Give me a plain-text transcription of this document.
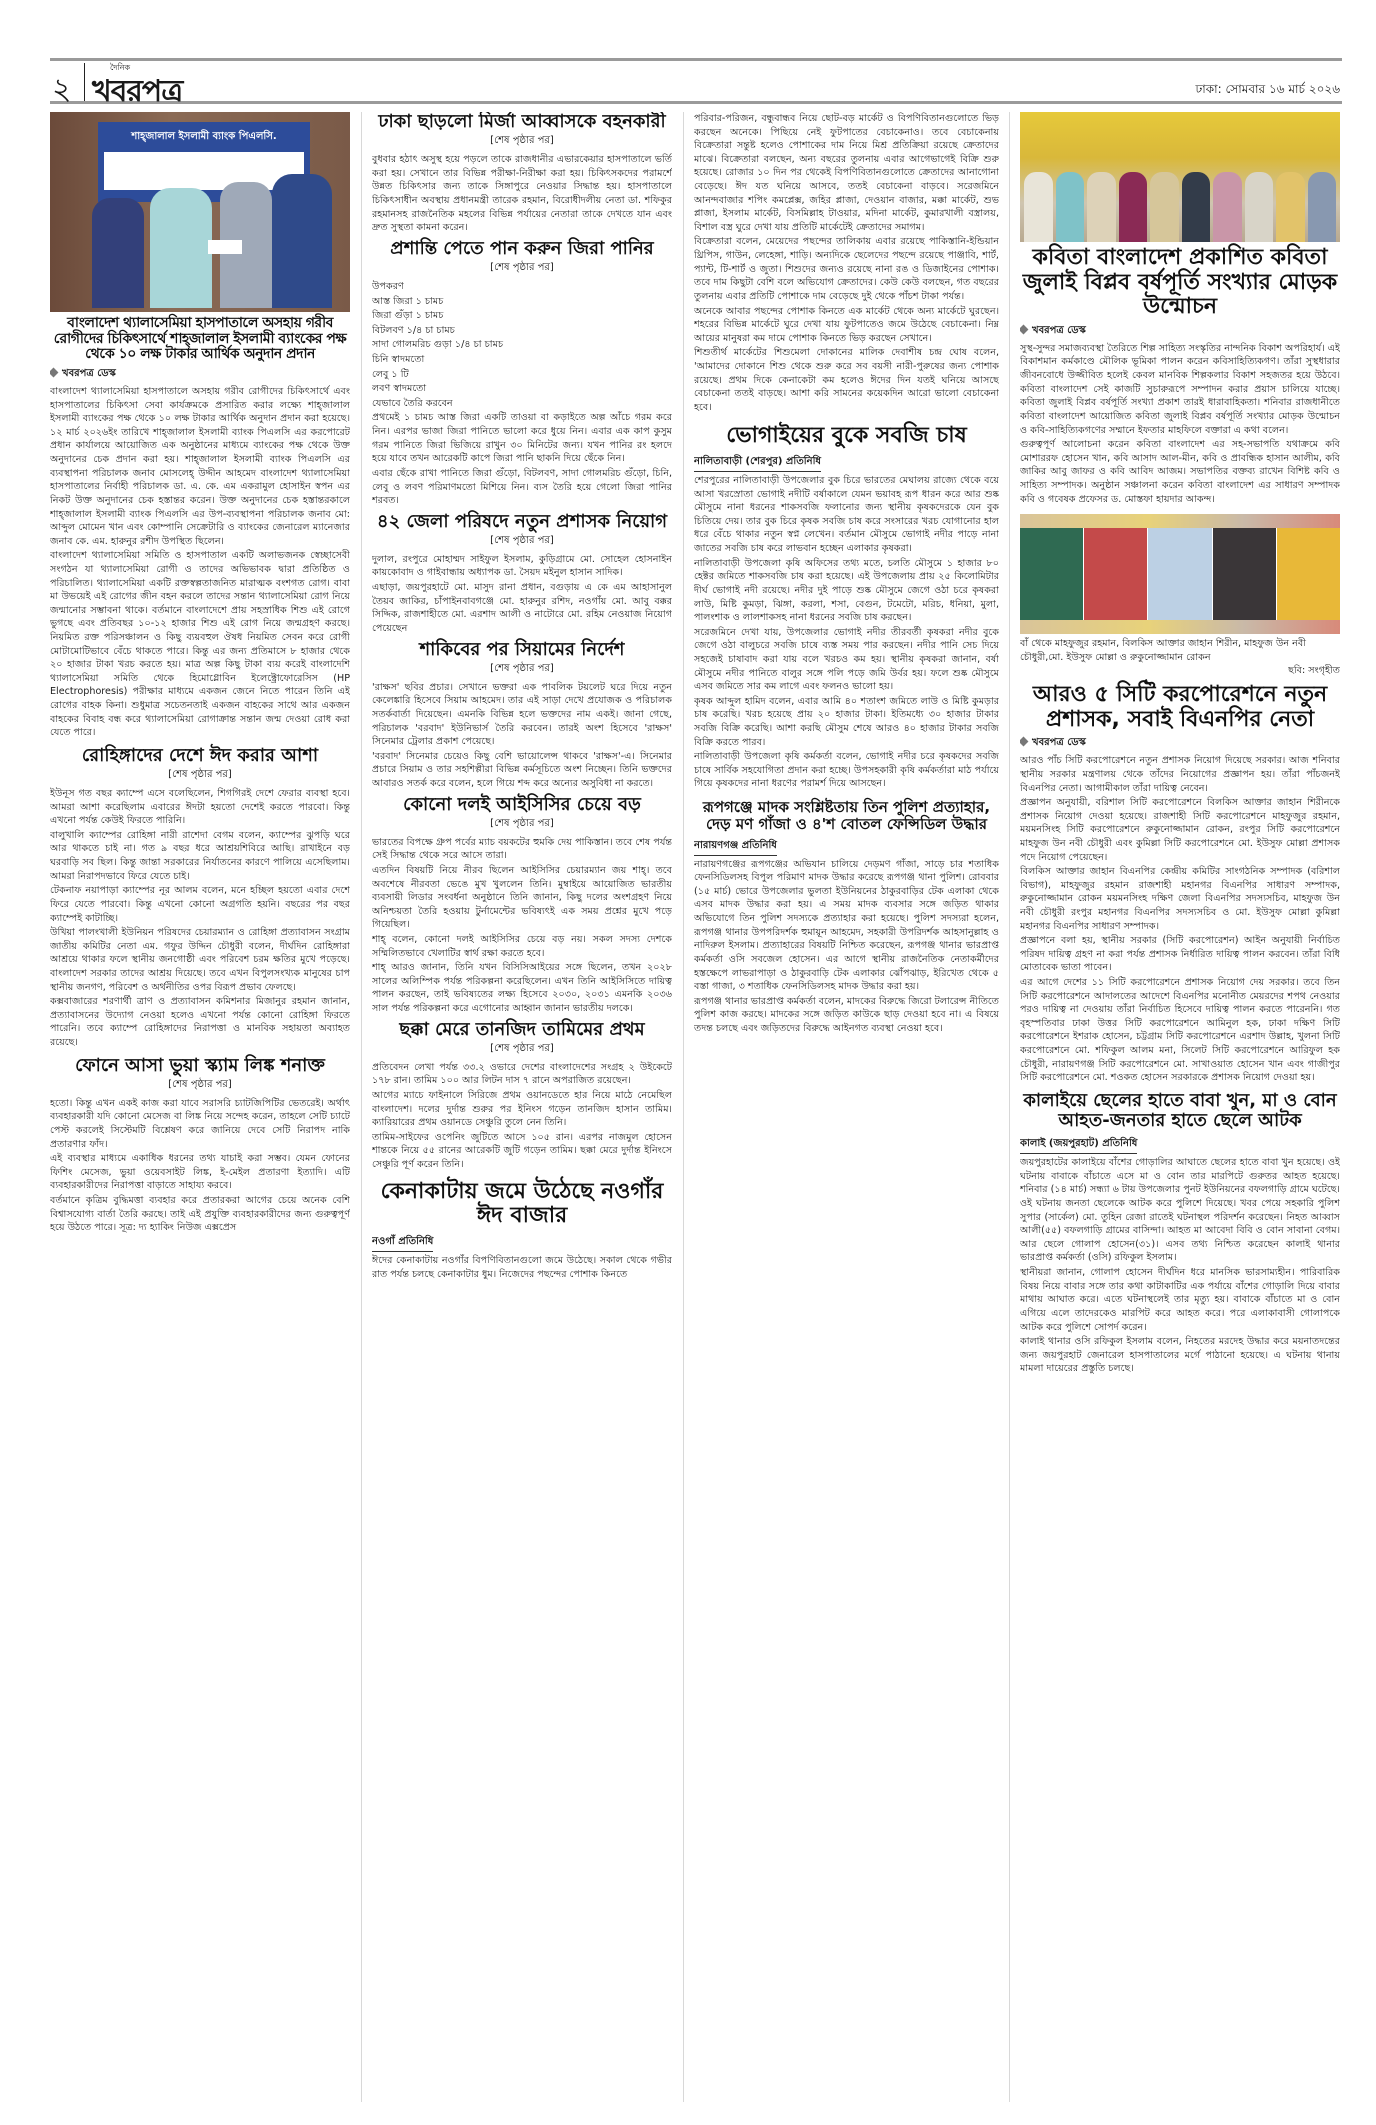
২
দৈনিক
খবরপত্র	ঢাকা: সোমবার ১৬ মার্চ ২০২৬
শাহ্জালাল ইসলামী ব্যাংক পিএলসি.
বাংলাদেশ থ্যালাসেমিয়া হাসপাতালে অসহায় গরীব রোগীদের চিকিৎসার্থে শাহ্জালাল ইসলামী ব্যাংকের পক্ষ থেকে ১০ লক্ষ টাকার আর্থিক অনুদান প্রদান
খবরপত্র ডেস্ক

বাংলাদেশ থ্যালাসেমিয়া হাসপাতালে অসহায় গরীব রোগীদের চিকিৎসার্থে এবং হাসপাতালের চিকিৎসা সেবা কার্যক্রমকে প্রসারিত করার লক্ষ্যে শাহ্জালাল ইসলামী ব্যাংকের পক্ষ থেকে ১০ লক্ষ টাকার আর্থিক অনুদান প্রদান করা হয়েছে। ১২ মার্চ ২০২৬ইং তারিখে শাহ্জালাল ইসলামী ব্যাংক পিএলসি এর করপোরেট প্রধান কার্যালয়ে আয়োজিত এক অনুষ্ঠানের মাধ্যমে ব্যাংকের পক্ষ থেকে উক্ত অনুদানের চেক প্রদান করা হয়। শাহ্জালাল ইসলামী ব্যাংক পিএলসি এর ব্যবস্থাপনা পরিচালক জনাব মোসলেহ্ উদ্দীন আহমেদ বাংলাদেশ থ্যালাসেমিয়া হাসপাতালের নির্বাহী পরিচালক ডা. এ. কে. এম একরামুল হোসাইন স্বপন এর নিকট উক্ত অনুদানের চেক হস্তান্তর করেন। উক্ত অনুদানের চেক হস্তান্তরকালে শাহ্জালাল ইসলামী ব্যাংক পিএলসি এর উপ-ব্যবস্থাপনা পরিচালক জনাব মো: আব্দুল মোমেন খান এবং কোম্পানি সেক্রেটারি ও ব্যাংকের জেনারেল ম্যানেজার জনাব কে. এম. হারুনুর রশীদ উপস্থিত ছিলেন।

বাংলাদেশ থ্যালাসেমিয়া সমিতি ও হাসপাতাল একটি অলাভজনক স্বেচ্ছাসেবী সংগঠন যা থ্যালাসেমিয়া রোগী ও তাদের অভিভাবক দ্বারা প্রতিষ্ঠিত ও পরিচালিত। থ্যালাসেমিয়া একটি রক্তস্বল্পতাজনিত মারাত্মক বংশগত রোগ। বাবা মা উভয়েই এই রোগের জীন বহন করলে তাদের সন্তান থ্যালাসেমিয়া রোগ নিয়ে জন্মানোর সম্ভাবনা থাকে। বর্তমানে বাংলাদেশে প্রায় সহস্রাধিক শিশু এই রোগে ভুগছে এবং প্রতিবছর ১০-১২ হাজার শিশু এই রোগ নিয়ে জন্মগ্রহণ করছে। নিয়মিত রক্ত পরিসঞ্চালন ও কিছু ব্যয়বহুল ঔষধ নিয়মিত সেবন করে রোগী মোটামোটিভাবে বেঁচে থাকতে পারে। কিন্তু এর জন্য প্রতিমাসে ৮ হাজার থেকে ২০ হাজার টাকা খরচ করতে হয়। মাত্র অল্প কিছু টাকা ব্যয় করেই বাংলাদেশি থ্যালাসেমিয়া সমিতি থেকে হিমোগ্লোবিন ইলেক্ট্রোফোরেসিস (HP Electrophoresis) পরীক্ষার মাধ্যমে একজন জেনে নিতে পারেন তিনি এই রোগের বাহক কিনা। শুধুমাত্র সচেতনতাই একজন বাহকের সাথে আর একজন বাহকের বিবাহ বন্ধ করে থ্যালাসেমিয়া রোগাক্রান্ত সন্তান জন্ম দেওয়া রোধ করা যেতে পারে।

রোহিঙ্গাদের দেশে ঈদ করার আশা
[শেষ পৃষ্ঠার পর]

ইউনূস গত বছর ক্যাম্পে এসে বলেছিলেন, শিগগিরই দেশে ফেরার ব্যবস্থা হবে। আমরা আশা করেছিলাম এবারের ঈদটা হয়তো দেশেই করতে পারবো। কিন্তু এখনো পর্যন্ত কেউই ফিরতে পারিনি।

বালুখালি ক্যাম্পের রোহিঙ্গা নারী রাশেদা বেগম বলেন, ক্যাম্পের ঝুপড়ি ঘরে আর থাকতে চাই না। গত ৯ বছর ধরে আশ্রয়শিবিরে আছি। রাখাইনে বড় ঘরবাড়ি সব ছিল। কিন্তু জান্তা সরকারের নির্যাতনের কারণে পালিয়ে এসেছিলাম। আমরা নিরাপদভাবে ফিরে যেতে চাই।

টেকনাফ নয়াপাড়া ক্যাম্পের নূর আলম বলেন, মনে হচ্ছিল হয়তো এবার দেশে ফিরে যেতে পারবো। কিন্তু এখনো কোনো অগ্রগতি হয়নি। বছরের পর বছর ক্যাম্পেই কাটাচ্ছি।

উখিয়া পালংখালী ইউনিয়ন পরিষদের চেয়ারম্যান ও রোহিঙ্গা প্রত্যাবাসন সংগ্রাম জাতীয় কমিটির নেতা এম. গফুর উদ্দিন চৌধুরী বলেন, দীর্ঘদিন রোহিঙ্গারা আশ্রয়ে থাকার ফলে স্থানীয় জনগোষ্ঠী এবং পরিবেশ চরম ক্ষতির মুখে পড়েছে। বাংলাদেশ সরকার তাদের আশ্রয় দিয়েছে। তবে এখন বিপুলসংখ্যক মানুষের চাপ স্থানীয় জনগণ, পরিবেশ ও অর্থনীতির ওপর বিরূপ প্রভাব ফেলছে।

কক্সবাজারের শরণার্থী ত্রাণ ও প্রত্যাবাসন কমিশনার মিজানুর রহমান জানান, প্রত্যাবাসনের উদ্যোগ নেওয়া হলেও এখনো পর্যন্ত কোনো রোহিঙ্গা ফিরতে পারেনি। তবে ক্যাম্পে রোহিঙ্গাদের নিরাপত্তা ও মানবিক সহায়তা অব্যাহত রয়েছে।

ফোনে আসা ভুয়া স্ক্যাম লিঙ্ক শনাক্ত
[শেষ পৃষ্ঠার পর]

হতো। কিন্তু এখন একই কাজ করা যাবে সরাসরি চ্যাটজিপিটির ভেতরেই। অর্থাৎ ব্যবহারকারী যদি কোনো মেসেজ বা লিঙ্ক নিয়ে সন্দেহ করেন, তাহলে সেটি চ্যাটে পেস্ট করলেই সিস্টেমটি বিশ্লেষণ করে জানিয়ে দেবে সেটি নিরাপদ নাকি প্রতারণার ফাঁদ।

এই ব্যবস্থার মাধ্যমে একাধিক ধরনের তথ্য যাচাই করা সম্ভব। যেমন ফোনের ফিশিং মেসেজ, ভুয়া ওয়েবসাইট লিঙ্ক, ই-মেইল প্রতারণা ইত্যাদি। এটি ব্যবহারকারীদের নিরাপত্তা বাড়াতে সাহায্য করবে।

বর্তমানে কৃত্রিম বুদ্ধিমত্তা ব্যবহার করে প্রতারকরা আগের চেয়ে অনেক বেশি বিশ্বাসযোগ্য বার্তা তৈরি করছে। তাই এই প্রযুক্তি ব্যবহারকারীদের জন্য গুরুত্বপূর্ণ হয়ে উঠতে পারে। সূত্র: দ্য হ্যাকিং নিউজ এক্সপ্রেস

ঢাকা ছাড়লো মির্জা আব্বাসকে বহনকারী
[শেষ পৃষ্ঠার পর]

বুধবার হঠাৎ অসুস্থ হয়ে পড়লে তাকে রাজধানীর এভারকেয়ার হাসপাতালে ভর্তি করা হয়। সেখানে তার বিভিন্ন পরীক্ষা-নিরীক্ষা করা হয়। চিকিৎসকদের পরামর্শে উন্নত চিকিৎসার জন্য তাকে সিঙ্গাপুরে নেওয়ার সিদ্ধান্ত হয়। হাসপাতালে চিকিৎসাধীন অবস্থায় প্রধানমন্ত্রী তারেক রহমান, বিরোধীদলীয় নেতা ডা. শফিকুর রহমানসহ রাজনৈতিক মহলের বিভিন্ন পর্যায়ের নেতারা তাকে দেখতে যান এবং দ্রুত সুস্থতা কামনা করেন।

প্রশান্তি পেতে পান করুন জিরা পানির
[শেষ পৃষ্ঠার পর]

উপকরণ

আস্ত জিরা ১ চামচ

জিরা গুঁড়া ১ চামচ

বিটলবণ ১/৪ চা চামচ

সাদা গোলমরিচ গুড়া ১/৪ চা চামচ

চিনি স্বাদমতো

লেবু ১ টি

লবণ স্বাদমতো

যেভাবে তৈরি করবেন

প্রথমেই ১ চামচ আস্ত জিরা একটি তাওয়া বা কড়াইতে অল্প আঁচে গরম করে নিন। এরপর ভাজা জিরা পানিতে ভালো করে ধুয়ে নিন। এবার এক কাপ কুসুম গরম পানিতে জিরা ভিজিয়ে রাখুন ৩০ মিনিটের জন্য। যখন পানির রং হলদে হয়ে যাবে তখন আরেকটি কাপে জিরা পানি ছাকনি দিয়ে ছেঁকে নিন।

এবার ছেঁকে রাখা পানিতে জিরা গুঁড়ো, বিটলবণ, সাদা গোলমরিচ গুঁড়ো, চিনি, লেবু ও লবণ পরিমাণমতো মিশিয়ে নিন। ব্যস তৈরি হয়ে গেলো জিরা পানির শরবত।

৪২ জেলা পরিষদে নতুন প্রশাসক নিয়োগ
[শেষ পৃষ্ঠার পর]

দুলাল, রংপুরে মোহাম্মদ সাইফুল ইসলাম, কুড়িগ্রামে মো. সোহেল হোসনাইন কায়কোবাদ ও গাইবান্ধায় অধ্যাপক ডা. সৈয়দ মইনুল হাসান সাদিক।

এছাড়া, জয়পুরহাটে মো. মাসুদ রানা প্রধান, বগুড়ায় এ কে এম আহাসানুল তৈয়ব জাকির, চাঁপাইনবাবগঞ্জে মো. হারুনুর রশিদ, নওগাঁয় মো. আবু বক্কর সিদ্দিক, রাজশাহীতে মো. এরশাদ আলী ও নাটোরে মো. রহিম নেওয়াজ নিয়োগ পেয়েছেন

শাকিবের পর সিয়ামের নির্দেশ
[শেষ পৃষ্ঠার পর]

'রাক্ষস' ছবির প্রচার। সেখানে ভক্তরা এক পাবলিক টয়লেট ঘরে দিয়ে নতুন কেলেঙ্কারি হিসেবে সিয়াম আহমেদ। তার এই সাড়া দেখে প্রযোজক ও পরিচালক সতর্কবার্তা দিয়েছেন। এমনকি বিভিন্ন হলে ভক্তদের নাম একই। জানা গেছে, পরিচালক 'বরবাদ' ইউনিভার্স তৈরি করবেন। তারই অংশ হিসেবে 'রাক্ষস' সিনেমার ট্রেলার প্রকাশ পেয়েছে।

'বরবাদ' সিনেমার চেয়েও কিছু বেশি ভায়োলেন্স থাকবে 'রাক্ষস'-এ। সিনেমার প্রচারে সিয়াম ও তার সহশিল্পীরা বিভিন্ন কর্মসূচিতে অংশ নিচ্ছেন। তিনি ভক্তদের আবারও সতর্ক করে বলেন, হলে গিয়ে শব্দ করে অন্যের অসুবিধা না করতে।

কোনো দলই আইসিসির চেয়ে বড়
[শেষ পৃষ্ঠার পর]

ভারতের বিপক্ষে গ্রুপ পর্বের ম্যাচ বয়কটের হুমকি দেয় পাকিস্তান। তবে শেষ পর্যন্ত সেই সিদ্ধান্ত থেকে সরে আসে তারা।

এতদিন বিষয়টি নিয়ে নীরব ছিলেন আইসিসির চেয়ারম্যান জয় শাহ্। তবে অবশেষে নীরবতা ভেঙে মুখ খুললেন তিনি। মুম্বাইয়ে আয়োজিত ভারতীয় ব্যবসায়ী লিডার সংবর্ধনা অনুষ্ঠানে তিনি জানান, কিছু দলের অংশগ্রহণ নিয়ে অনিশ্চয়তা তৈরি হওয়ায় টুর্নামেন্টের ভবিষ্যৎই এক সময় প্রশ্নের মুখে পড়ে গিয়েছিল।

শাহ্ বলেন, কোনো দলই আইসিসির চেয়ে বড় নয়। সকল সদস্য দেশকে সম্মিলিতভাবে খেলাটির স্বার্থ রক্ষা করতে হবে।

শাহ্ আরও জানান, তিনি যখন বিসিসিআইয়ের সঙ্গে ছিলেন, তখন ২০২৮ সালের অলিম্পিক পর্যন্ত পরিকল্পনা করেছিলেন। এখন তিনি আইসিসিতে দায়িত্ব পালন করছেন, তাই ভবিষ্যতের লক্ষ্য হিসেবে ২০৩০, ২০৩১ এমনকি ২০৩৬ সাল পর্যন্ত পরিকল্পনা করে এগোনোর আহ্বান জানান ভারতীয় দলকে।

ছক্কা মেরে তানজিদ তামিমের প্রথম
[শেষ পৃষ্ঠার পর]

প্রতিবেদন লেখা পর্যন্ত ৩৩.২ ওভারে দেশের বাংলাদেশের সংগ্রহ ২ উইকেটে ১৭৮ রান। তামিম ১০০ আর লিটন দাস ৭ রানে অপরাজিত রয়েছেন।

আগের ম্যাচে ফাইনালে সিরিজে প্রথম ওয়ানডেতে হার নিয়ে মাঠে নেমেছিল বাংলাদেশ। দলের দুর্দান্ত শুরুর পর ইনিংস গড়েন তানজিদ হাসান তামিম। ক্যারিয়ারের প্রথম ওয়ানডে সেঞ্চুরি তুলে নেন তিনি।

তামিম-সাইফের ওপেনিং জুটিতে আসে ১০৫ রান। এরপর নাজমুল হোসেন শান্তকে নিয়ে ৫৫ রানের আরেকটি জুটি গড়েন তামিম। ছক্কা মেরে দুর্দান্ত ইনিংসে সেঞ্চুরি পূর্ণ করেন তিনি।

কেনাকাটায় জমে উঠেছে নওগাঁর ঈদ বাজার
নওগাঁ প্রতিনিধি

ঈদের কেনাকাটায় নওগাঁর বিপণিবিতানগুলো জমে উঠেছে। সকাল থেকে গভীর রাত পর্যন্ত চলছে কেনাকাটার ধুম। নিজেদের পছন্দের পোশাক কিনতে

পরিবার-পরিজন, বন্ধুবান্ধব নিয়ে ছোট-বড় মার্কেট ও বিপণিবিতানগুলোতে ভিড় করছেন অনেকে। পিছিয়ে নেই ফুটপাতের বেচাকেনাও। তবে বেচাকেনায় বিক্রেতারা সন্তুষ্ট হলেও পোশাকের দাম নিয়ে মিশ্র প্রতিক্রিয়া রয়েছে ক্রেতাদের মাঝে। বিক্রেতারা বলছেন, অন্য বছরের তুলনায় এবার আগেভাগেই বিক্রি শুরু হয়েছে। রোজার ১০ দিন পর থেকেই বিপণিবিতানগুলোতে ক্রেতাদের আনাগোনা বেড়েছে। ঈদ যত ঘনিয়ে আসবে, ততই বেচাকেনা বাড়বে। সরেজমিনে আনন্দবাজার শপিং কমপ্লেক্স, জহির প্লাজা, দেওয়ান বাজার, মক্কা মার্কেট, শুভ প্লাজা, ইসলাম মার্কেট, বিসমিল্লাহ টাওয়ার, মদিনা মার্কেট, কুমারখালী বস্ত্রালয়, বিশাল বস্ত্র ঘুরে দেখা যায় প্রতিটি মার্কেটেই ক্রেতাদের সমাগম।

বিক্রেতারা বলেন, মেয়েদের পছন্দের তালিকায় এবার রয়েছে পাকিস্তানি-ইন্ডিয়ান থ্রিপিস, গাউন, লেহেঙ্গা, শাড়ি। অন্যদিকে ছেলেদের পছন্দে রয়েছে পাঞ্জাবি, শার্ট, প্যান্ট, টি-শার্ট ও জুতা। শিশুদের জন্যও রয়েছে নানা রঙ ও ডিজাইনের পোশাক। তবে দাম কিছুটা বেশি বলে অভিযোগ ক্রেতাদের। কেউ কেউ বলছেন, গত বছরের তুলনায় এবার প্রতিটি পোশাকে দাম বেড়েছে দুই থেকে পাঁচশ টাকা পর্যন্ত।

অনেকে আবার পছন্দের পোশাক কিনতে এক মার্কেট থেকে অন্য মার্কেটে ঘুরছেন। শহরের বিভিন্ন মার্কেটে ঘুরে দেখা যায় ফুটপাতেও জমে উঠেছে বেচাকেনা। নিম্ন আয়ের মানুষরা কম দামে পোশাক কিনতে ভিড় করছেন সেখানে।

শিশুতীর্থ মার্কেটের শিশুমেলা দোকানের মালিক দেবাশীষ চন্দ্র ঘোষ বলেন, 'আমাদের দোকানে শিশু থেকে শুরু করে সব বয়সী নারী-পুরুষের জন্য পোশাক রয়েছে। প্রথম দিকে কেনাকেটা কম হলেও ঈদের দিন যতই ঘনিয়ে আসছে বেচাকেনা ততই বাড়ছে। আশা করি সামনের কয়েকদিন আরো ভালো বেচাকেনা হবে।

ভোগাইয়ের বুকে সবজি চাষ
নালিতাবাড়ী (শেরপুর) প্রতিনিধি

শেরপুরের নালিতাবাড়ী উপজেলার বুক চিরে ভারতের মেঘালয় রাজ্যে থেকে বয়ে আসা খরস্রোতা ভোগাই নদীটি বর্ষাকালে যেমন ভয়াবহ রূপ ধারন করে আর শুষ্ক মৌসুমে নানা ধরনের শাকসবজি ফলানোর জন্য স্থানীয় কৃষকদেরকে যেন বুক চিতিয়ে দেয়। তার বুক চিরে কৃষক সবজি চাষ করে সংসারের খরচ যোগানোর হাল ধরে বেঁচে থাকার নতুন স্বপ্ন লেখেন। বর্তমান মৌসুমে ভোগাই নদীর পাড়ে নানা জাতের সবজি চাষ করে লাভবান হচ্ছেন এলাকার কৃষকরা।

নালিতাবাড়ী উপজেলা কৃষি অফিসের তথ্য মতে, চলতি মৌসুমে ১ হাজার ৮০ হেক্টর জমিতে শাকসবজি চাষ করা হয়েছে। এই উপজেলায় প্রায় ২৫ কিলোমিটার দীর্ঘ ভোগাই নদী রয়েছে। নদীর দুই পাড়ে শুষ্ক মৌসুমে জেগে ওঠা চরে কৃষকরা লাউ, মিষ্টি কুমড়া, ঝিঙ্গা, করলা, শসা, বেগুন, টমেটো, মরিচ, ধনিয়া, মুলা, পালংশাক ও লালশাকসহ নানা ধরনের সবজি চাষ করছেন।

সরেজমিনে দেখা যায়, উপজেলার ভোগাই নদীর তীরবর্তী কৃষকরা নদীর বুকে জেগে ওঠা বালুচরে সবজি চাষে ব্যস্ত সময় পার করছেন। নদীর পানি সেচ দিয়ে সহজেই চাষাবাদ করা যায় বলে খরচও কম হয়। স্থানীয় কৃষকরা জানান, বর্ষা মৌসুমে নদীর পানিতে বালুর সঙ্গে পলি পড়ে জমি উর্বর হয়। ফলে শুষ্ক মৌসুমে এসব জমিতে সার কম লাগে এবং ফলনও ভালো হয়।

কৃষক আব্দুল হামিদ বলেন, এবার আমি ৪০ শতাংশ জমিতে লাউ ও মিষ্টি কুমড়ার চাষ করেছি। খরচ হয়েছে প্রায় ২০ হাজার টাকা। ইতিমধ্যে ৩০ হাজার টাকার সবজি বিক্রি করেছি। আশা করছি মৌসুম শেষে আরও ৪০ হাজার টাকার সবজি বিক্রি করতে পারব।

নালিতাবাড়ী উপজেলা কৃষি কর্মকর্তা বলেন, ভোগাই নদীর চরে কৃষকদের সবজি চাষে সার্বিক সহযোগিতা প্রদান করা হচ্ছে। উপসহকারী কৃষি কর্মকর্তারা মাঠ পর্যায়ে গিয়ে কৃষকদের নানা ধরণের পরামর্শ দিয়ে আসছেন।

রূপগঞ্জে মাদক সংশ্লিষ্টতায় তিন পুলিশ প্রত্যাহার, দেড় মণ গাঁজা ও ৪'শ বোতল ফেন্সিডিল উদ্ধার
নারায়ণগঞ্জ প্রতিনিধি

নারায়ণগঞ্জের রূপগঞ্জের অভিযান চালিয়ে দেড়মণ গাঁজা, সাড়ে চার শতাধিক ফেনসিডিলসহ বিপুল পরিমাণ মাদক উদ্ধার করেছে রূপগঞ্জ থানা পুলিশ। রোববার (১৫ মার্চ) ভোরে উপজেলার ভুলতা ইউনিয়নের ঠাকুরবাড়ির টেক এলাকা থেকে এসব মাদক উদ্ধার করা হয়। এ সময় মাদক ব্যবসার সঙ্গে জড়িত থাকার অভিযোগে তিন পুলিশ সদস্যকে প্রত্যাহার করা হয়েছে। পুলিশ সদস্যরা হলেন, রূপগঞ্জ থানার উপপরিদর্শক হুমায়ূন আহমেদ, সহকারী উপরিদর্শক আহসানুল্লাহ ও নাদিরুল ইসলাম। প্রত্যাহারের বিষয়টি নিশ্চিত করেছেন, রূপগঞ্জ থানার ভারপ্রাপ্ত কর্মকর্তা ওসি সবজেল হোসেন। এর আগে স্থানীয় রাজনৈতিক নেতাকর্মীদের হস্তক্ষেপে লাভরাপাড়া ও ঠাকুরবাড়ি টেক এলাকার ঝোঁপঝাড়, ইরিখেত থেকে ৫ বস্তা গাজা, ৩ শতাধিক ফেনসিডিলসহ মাদক উদ্ধার করা হয়।

রূপগঞ্জ থানার ভারপ্রাপ্ত কর্মকর্তা বলেন, মাদকের বিরুদ্ধে জিরো টলারেন্স নীতিতে পুলিশ কাজ করছে। মাদকের সঙ্গে জড়িত কাউকে ছাড় দেওয়া হবে না। এ বিষয়ে তদন্ত চলছে এবং জড়িতদের বিরুদ্ধে আইনগত ব্যবস্থা নেওয়া হবে।

কবিতা বাংলাদেশ প্রকাশিত কবিতা জুলাই বিপ্লব বর্ষপূর্তি সংখ্যার মোড়ক উন্মোচন
খবরপত্র ডেস্ক

সুস্থ-সুন্দর সমাজব্যবস্থা তৈরিতে শিল্প সাহিত্য সংস্কৃতির নান্দনিক বিকাশ অপরিহার্য। এই বিকাশমান কর্মকাণ্ডে মৌলিক ভূমিকা পালন করেন কবিসাহিত্যিকগণ। তাঁরা সুস্থধারার জীবনবোধে উজ্জীবিত হলেই কেবল মানবিক শিল্পকলার বিকাশ সহজতর হয়ে উঠবে। কবিতা বাংলাদেশ সেই কাজটি সুচারুরূপে সম্পাদন করার প্রয়াস চালিয়ে যাচ্ছে। কবিতা জুলাই বিপ্লব বর্ষপূর্তি সংখ্যা প্রকাশ তারই ধারাবাহিকতা। শনিবার রাজধানীতে কবিতা বাংলাদেশ আয়োজিত কবিতা জুলাই বিপ্লব বর্ষপূর্তি সংখ্যার মোড়ক উন্মোচন ও কবি-সাহিত্যিকগণের সম্মানে ইফতার মাহফিলে বক্তারা এ কথা বলেন।

গুরুত্বপূর্ণ আলোচনা করেন কবিতা বাংলাদেশ এর সহ-সভাপতি যথাক্রমে কবি মোশাররফ হোসেন খান, কবি আসাদ আল-মীন, কবি ও প্রাবন্ধিক হাসান আলীম, কবি জাকির আবু জাফর ও কবি আবিদ আজম। সভাপতির বক্তব্য রাখেন বিশিষ্ট কবি ও সাহিত্য সম্পাদক। অনুষ্ঠান সঞ্চালনা করেন কবিতা বাংলাদেশ এর সাধারণ সম্পাদক কবি ও গবেষক প্রফেসর ড. মোস্তফা হায়দার আকন্দ।

বাঁ থেকে মাহফুজুর রহমান, বিলকিস আক্তার জাহান শিরীন, মাহফুজ উন নবী চৌধুরী,মো. ইউসুফ মোল্লা ও রুকুনোজ্জামান রোকন
ছবি: সংগৃহীত
আরও ৫ সিটি করপোরেশনে নতুন প্রশাসক, সবাই বিএনপির নেতা
খবরপত্র ডেস্ক

আরও পাঁচ সিটি করপোরেশনে নতুন প্রশাসক নিয়োগ দিয়েছে সরকার। আজ শনিবার স্থানীয় সরকার মন্ত্রণালয় থেকে তাঁদের নিয়োগের প্রজ্ঞাপন হয়। তাঁরা পাঁচজনই বিএনপির নেতা। আগামীকাল তাঁরা দায়িত্ব নেবেন।

প্রজ্ঞাপন অনুযায়ী, বরিশাল সিটি করপোরেশনে বিলকিস আক্তার জাহান শিরীনকে প্রশাসক নিয়োগ দেওয়া হয়েছে। রাজশাহী সিটি করপোরেশনে মাহফুজুর রহমান, ময়মনসিংহ সিটি করপোরেশনে রুকুনোজ্জামান রোকন, রংপুর সিটি করপোরেশনে মাহফুজ উন নবী চৌধুরী এবং কুমিল্লা সিটি করপোরেশনে মো. ইউসুফ মোল্লা প্রশাসক পদে নিয়োগ পেয়েছেন।

বিলকিস আক্তার জাহান বিএনপির কেন্দ্রীয় কমিটির সাংগঠনিক সম্পাদক (বরিশাল বিভাগ), মাহফুজুর রহমান রাজশাহী মহানগর বিএনপির সাধারণ সম্পাদক, রুকুনোজ্জামান রোকন ময়মনসিংহ দক্ষিণ জেলা বিএনপির সদস্যসচিব, মাহফুজ উন নবী চৌধুরী রংপুর মহানগর বিএনপির সদস্যসচিব ও মো. ইউসুফ মোল্লা কুমিল্লা মহানগর বিএনপির সাধারণ সম্পাদক।

প্রজ্ঞাপনে বলা হয়, স্থানীয় সরকার (সিটি করপোরেশন) আইন অনুযায়ী নির্বাচিত পরিষদ দায়িত্ব গ্রহণ না করা পর্যন্ত প্রশাসক নির্ধারিত দায়িত্ব পালন করবেন। তাঁরা বিধি মোতাবেক ভাতা পাবেন।

এর আগে দেশের ১১ সিটি করপোরেশনে প্রশাসক নিয়োগ দেয় সরকার। তবে তিন সিটি করপোরেশনে আদালতের আদেশে বিএনপির মনোনীত মেয়রদের শপথ নেওয়ার পরও দায়িত্ব না দেওয়ায় তাঁরা নির্বাচিত হিসেবে দায়িত্ব পালন করতে পারেননি। গত বৃহস্পতিবার ঢাকা উত্তর সিটি করপোরেশনে আমিনুল হক, ঢাকা দক্ষিণ সিটি করপোরেশনে ইশরাক হোসেন, চট্টগ্রাম সিটি করপোরেশনে এরশাদ উল্লাহ, খুলনা সিটি করপোরেশনে মো. শফিকুল আলম মনা, সিলেট সিটি করপোরেশনে আরিফুল হক চৌধুরী, নারায়ণগঞ্জ সিটি করপোরেশনে মো. সাখাওয়াত হোসেন খান এবং গাজীপুর সিটি করপোরেশনে মো. শওকত হোসেন সরকারকে প্রশাসক নিয়োগ দেওয়া হয়।

কালাইয়ে ছেলের হাতে বাবা খুন, মা ও বোন আহত-জনতার হাতে ছেলে আটক
কালাই (জয়পুরহাট) প্রতিনিধি

জয়পুরহাটের কালাইয়ে বাঁশের গোড়ালির আঘাতে ছেলের হাতে বাবা খুন হয়েছে। ওই ঘটনায় বাবাকে বাঁচাতে এসে মা ও বোন তার মারপিটে গুরুতর আহত হয়েছে। শনিবার (১৪ মার্চ) সন্ধ্যা ৬ টায় উপজেলার পুনট ইউনিয়নের বফলগাড়ি গ্রামে ঘটেছে। ওই ঘটনায় জনতা ছেলেকে আটক করে পুলিশে দিয়েছে। খবর পেয়ে সহকারি পুলিশ সুপার (সার্কেল) মো. তুহিন রেজা রাতেই ঘটনাস্থল পরিদর্শন করেছেন। নিহত আব্বাস আলী(৫৫) বফলগাড়ি গ্রামের বাসিন্দা। আহত মা আবেদা বিবি ও বোন সাবানা বেগম। আর ছেলে গোলাপ হোসেন(৩১)। এসব তথ্য নিশ্চিত করেছেন কালাই থানার ভারপ্রাপ্ত কর্মকর্তা (ওসি) রফিকুল ইসলাম।

স্থানীয়রা জানান, গোলাপ হোসেন দীর্ঘদিন ধরে মানসিক ভারসাম্যহীন। পারিবারিক বিষয় নিয়ে বাবার সঙ্গে তার কথা কাটাকাটির এক পর্যায়ে বাঁশের গোড়ালি দিয়ে বাবার মাথায় আঘাত করে। এতে ঘটনাস্থলেই তার মৃত্যু হয়। বাবাকে বাঁচাতে মা ও বোন এগিয়ে এলে তাদেরকেও মারপিট করে আহত করে। পরে এলাকাবাসী গোলাপকে আটক করে পুলিশে সোপর্দ করেন।

কালাই থানার ওসি রফিকুল ইসলাম বলেন, নিহতের মরদেহ উদ্ধার করে ময়নাতদন্তের জন্য জয়পুরহাট জেনারেল হাসপাতালের মর্গে পাঠানো হয়েছে। এ ঘটনায় থানায় মামলা দায়েরের প্রস্তুতি চলছে।
